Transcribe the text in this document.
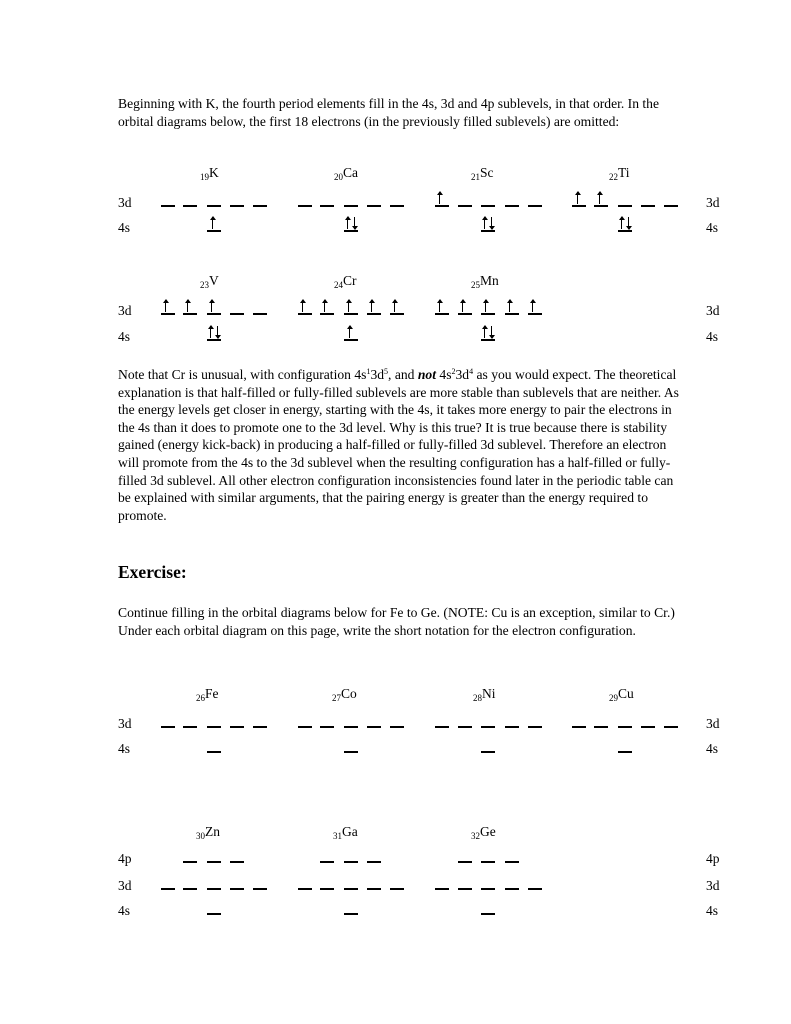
Beginning with K, the fourth period elements fill in the 4s, 3d and 4p sublevels, in that order. In the orbital diagrams below, the first 18 electrons (in the previously filled sublevels) are omitted:
$_{19}$K	$_{20}$Ca	$_{21}$Sc	$_{22}$Ti
3d
4s
3d
4s
$_{23}$V	$_{24}$Cr	$_{25}$Mn
3d
4s
3d
4s
Note that Cr is unusual, with configuration $4s^13d^5$, and not $4s^23d^4$ as you would expect. The theoretical explanation is that half-filled or fully-filled sublevels are more stable than sublevels that are neither. As the energy levels get closer in energy, starting with the 4s, it takes more energy to pair the electrons in the 4s than it does to promote one to the 3d level. Why is this true? It is true because there is stability gained (energy kick-back) in producing a half-filled or fully-filled 3d sublevel. Therefore an electron will promote from the 4s to the 3d sublevel when the resulting configuration has a half-filled or fully-filled 3d sublevel. All other electron configuration inconsistencies found later in the periodic table can be explained with similar arguments, that the pairing energy is greater than the energy required to promote.
Exercise:
Continue filling in the orbital diagrams below for Fe to Ge. (NOTE: Cu is an exception, similar to Cr.) Under each orbital diagram on this page, write the short notation for the electron configuration.
$_{26}$Fe	$_{27}$Co	$_{28}$Ni	$_{29}$Cu
3d
4s
3d
4s
$_{30}$Zn	$_{31}$Ga	$_{32}$Ge
4p
3d
4s
4p
3d
4s
